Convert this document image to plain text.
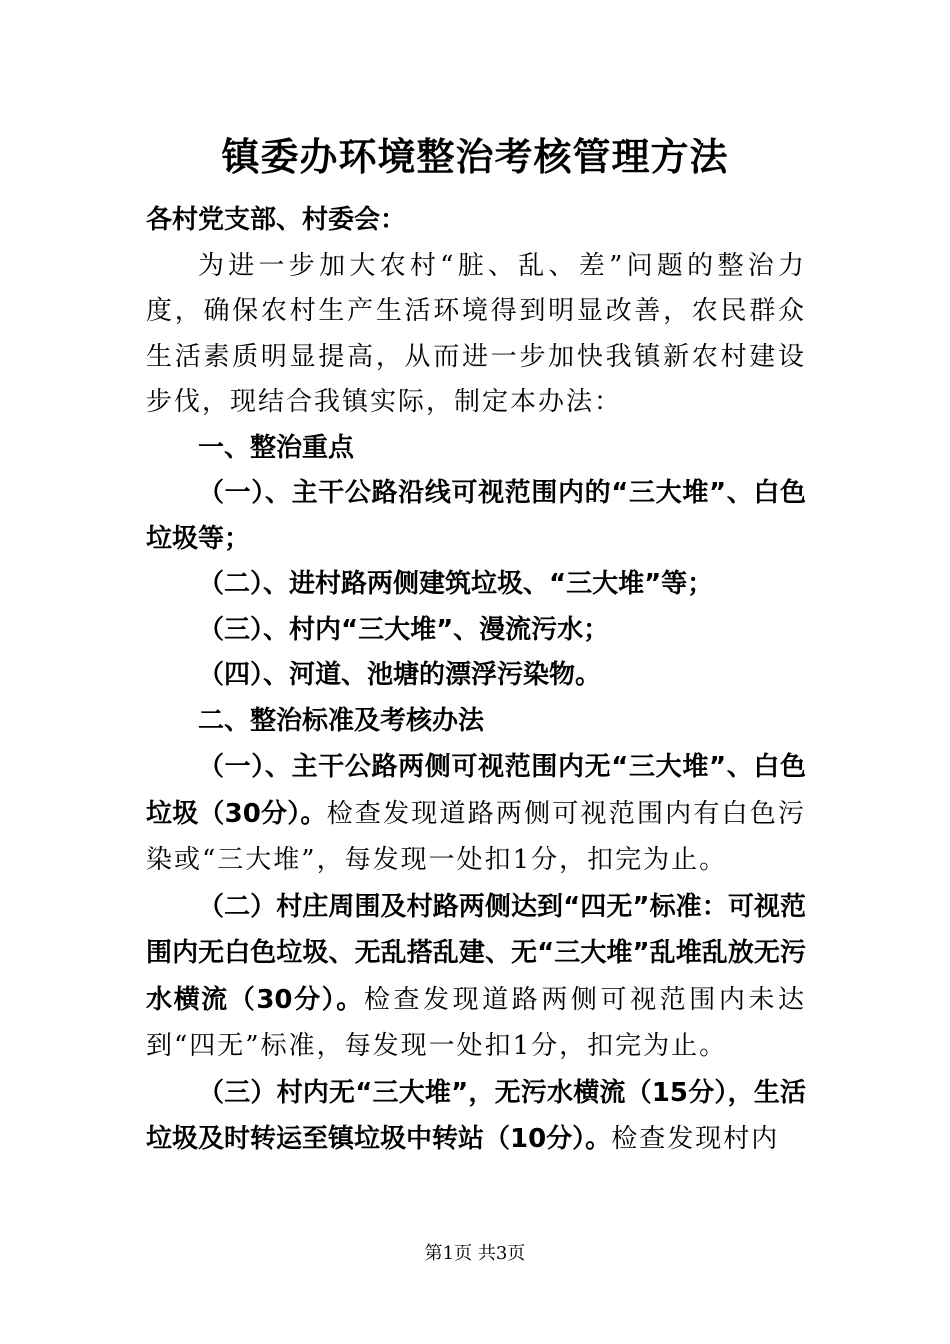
镇委办环境整治考核管理方法

各村党支部、村委会：

为进一步加大农村“脏、乱、差”问题的整治力度，确保农村生产生活环境得到明显改善，农民群众生活素质明显提高，从而进一步加快我镇新农村建设步伐，现结合我镇实际，制定本办法：

一、整治重点

（一）、主干公路沿线可视范围内的“三大堆”、白色垃圾等；

（二）、进村路两侧建筑垃圾、“三大堆”等；

（三）、村内“三大堆”、漫流污水；

（四）、河道、池塘的漂浮污染物。

二、整治标准及考核办法

（一）、主干公路两侧可视范围内无“三大堆”、白色垃圾（30分）。检查发现道路两侧可视范围内有白色污染或“三大堆”，每发现一处扣1分，扣完为止。

（二）村庄周围及村路两侧达到“四无”标准：可视范围内无白色垃圾、无乱搭乱建、无“三大堆”乱堆乱放无污水横流（30分）。检查发现道路两侧可视范围内未达到“四无”标准，每发现一处扣1分，扣完为止。

（三）村内无“三大堆”，无污水横流（15分），生活垃圾及时转运至镇垃圾中转站（10分）。检查发现村内

第1页 共3页
